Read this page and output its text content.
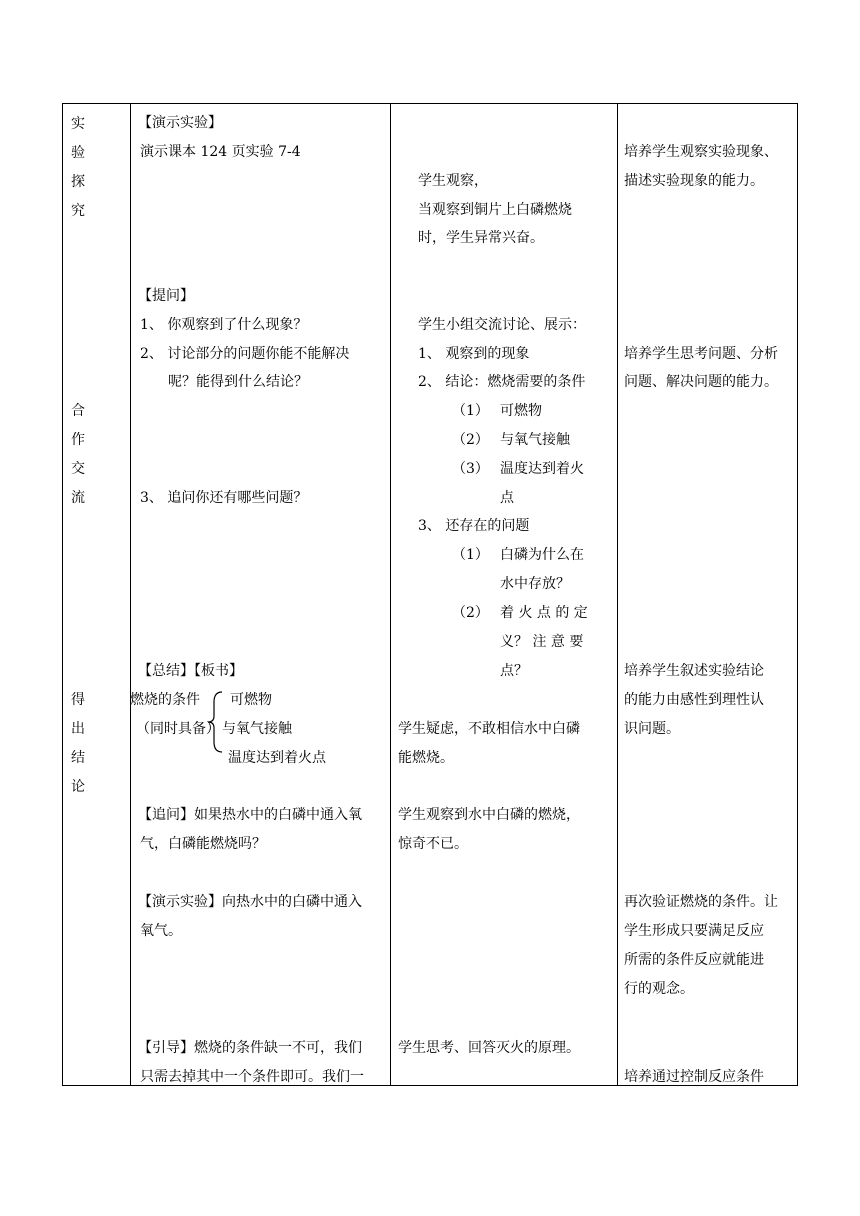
实
验
探
究
合
作
交
流
得
出
结
论
【演示实验】
演示课本 124 页实验 7-4
【提问】
1、 你观察到了什么现象？
2、 讨论部分的问题你能不能解决
呢？能得到什么结论？
3、 追问你还有哪些问题？
【总结】【板书】
燃烧的条件
（同时具备）
可燃物
与氧气接触
温度达到着火点
【追问】如果热水中的白磷中通入氧
气，白磷能燃烧吗？
【演示实验】向热水中的白磷中通入
氧气。
【引导】燃烧的条件缺一不可，我们
只需去掉其中一个条件即可。我们一
学生观察，
当观察到铜片上白磷燃烧
时，学生异常兴奋。
学生小组交流讨论、展示：
1、 观察到的现象
2、 结论：燃烧需要的条件
（1） 可燃物
（2） 与氧气接触
（3） 温度达到着火
点
3、 还存在的问题
（1） 白磷为什么在
水中存放？
（2） 着 火 点 的 定
义？ 注 意 要
点？
学生疑虑，不敢相信水中白磷
能燃烧。
学生观察到水中白磷的燃烧，
惊奇不已。
学生思考、回答灭火的原理。
培养学生观察实验现象、
描述实验现象的能力。
培养学生思考问题、分析
问题、解决问题的能力。
培养学生叙述实验结论
的能力由感性到理性认
识问题。
再次验证燃烧的条件。让
学生形成只要满足反应
所需的条件反应就能进
行的观念。
培养通过控制反应条件
